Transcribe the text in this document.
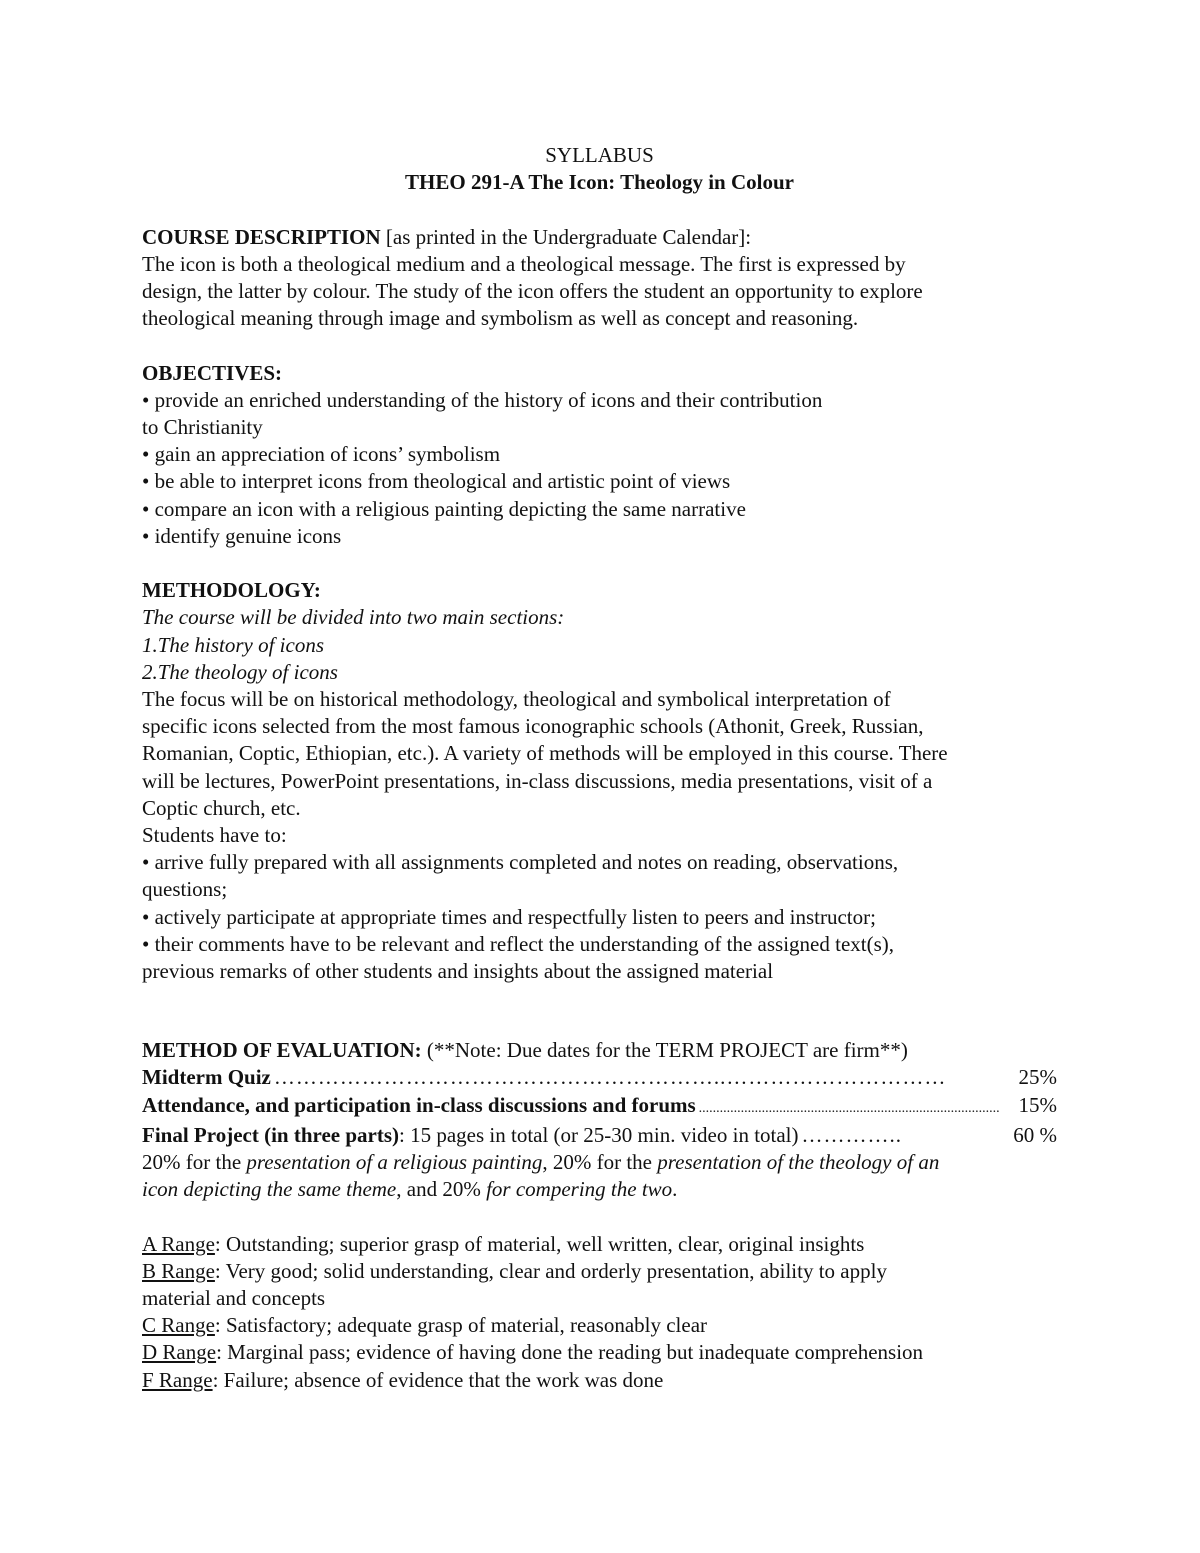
SYLLABUS
THEO 291-A The Icon: Theology in Colour
COURSE DESCRIPTION [as printed in the Undergraduate Calendar]:
The icon is both a theological medium and a theological message. The first is expressed by
design, the latter by colour. The study of the icon offers the student an opportunity to explore
theological meaning through image and symbolism as well as concept and reasoning.
OBJECTIVES:
• provide an enriched understanding of the history of icons and their contribution
to Christianity
• gain an appreciation of icons’ symbolism
• be able to interpret icons from theological and artistic point of views
• compare an icon with a religious painting depicting the same narrative
• identify genuine icons
METHODOLOGY:
The course will be divided into two main sections:
1.The history of icons
2.The theology of icons
The focus will be on historical methodology, theological and symbolical interpretation of
specific icons selected from the most famous iconographic schools (Athonit, Greek, Russian,
Romanian, Coptic, Ethiopian, etc.). A variety of methods will be employed in this course. There
will be lectures, PowerPoint presentations, in-class discussions, media presentations, visit of a
Coptic church, etc.
Students have to:
• arrive fully prepared with all assignments completed and notes on reading, observations,
questions;
• actively participate at appropriate times and respectfully listen to peers and instructor;
• their comments have to be relevant and reflect the understanding of the assigned text(s),
previous remarks of other students and insights about the assigned material
METHOD OF EVALUATION: (**Note: Due dates for the TERM PROJECT are firm**)
Midterm Quiz ……………………………………………………..…………………………	25%
Attendance, and participation in-class discussions and forums ...................................................................................... 15%
Final Project (in three parts) : 15 pages in total (or 25-30 min. video in total) …………..	60 %
20% for the presentation of a religious painting, 20% for the presentation of the theology of an
icon depicting the same theme, and 20% for compering the two.
A Range: Outstanding; superior grasp of material, well written, clear, original insights
B Range: Very good; solid understanding, clear and orderly presentation, ability to apply
material and concepts
C Range: Satisfactory; adequate grasp of material, reasonably clear
D Range: Marginal pass; evidence of having done the reading but inadequate comprehension
F Range: Failure; absence of evidence that the work was done
